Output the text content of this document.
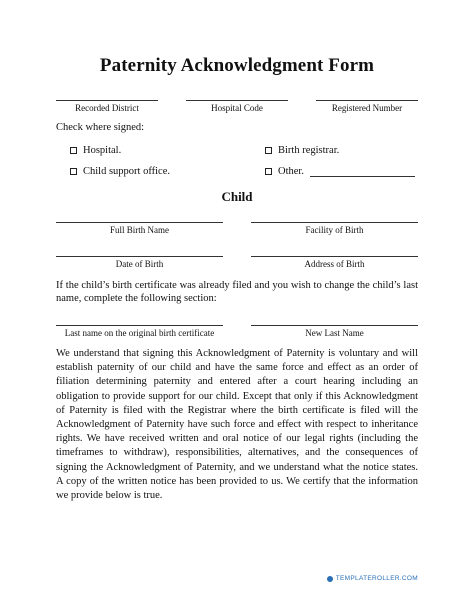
Paternity Acknowledgment Form
Recorded District	Hospital Code	Registered Number
Check where signed:
Hospital.	Birth registrar.
Child support office.	Other.
Child
Full Birth Name	Facility of Birth
Date of Birth	Address of Birth
If the child’s birth certificate was already filed and you wish to change the child’s last
name, complete the following section:
Last name on the original birth certificate	New Last Name
We understand that signing this Acknowledgment of Paternity is voluntary and will establish paternity of our child and have the same force and effect as an order of filiation determining paternity and entered after a court hearing including an obligation to provide support for our child. Except that only if this Acknowledgment of Paternity is filed with the Registrar where the birth certificate is filed will the Acknowledgment of Paternity have such force and effect with respect to inheritance rights. We have received written and oral notice of our legal rights (including the timeframes to withdraw), responsibilities, alternatives, and the consequences of signing the Acknowledgment of Paternity, and we understand what the notice states. A copy of the written notice has been provided to us. We certify that the information we provide below is true.
TEMPLATEROLLER.COM
